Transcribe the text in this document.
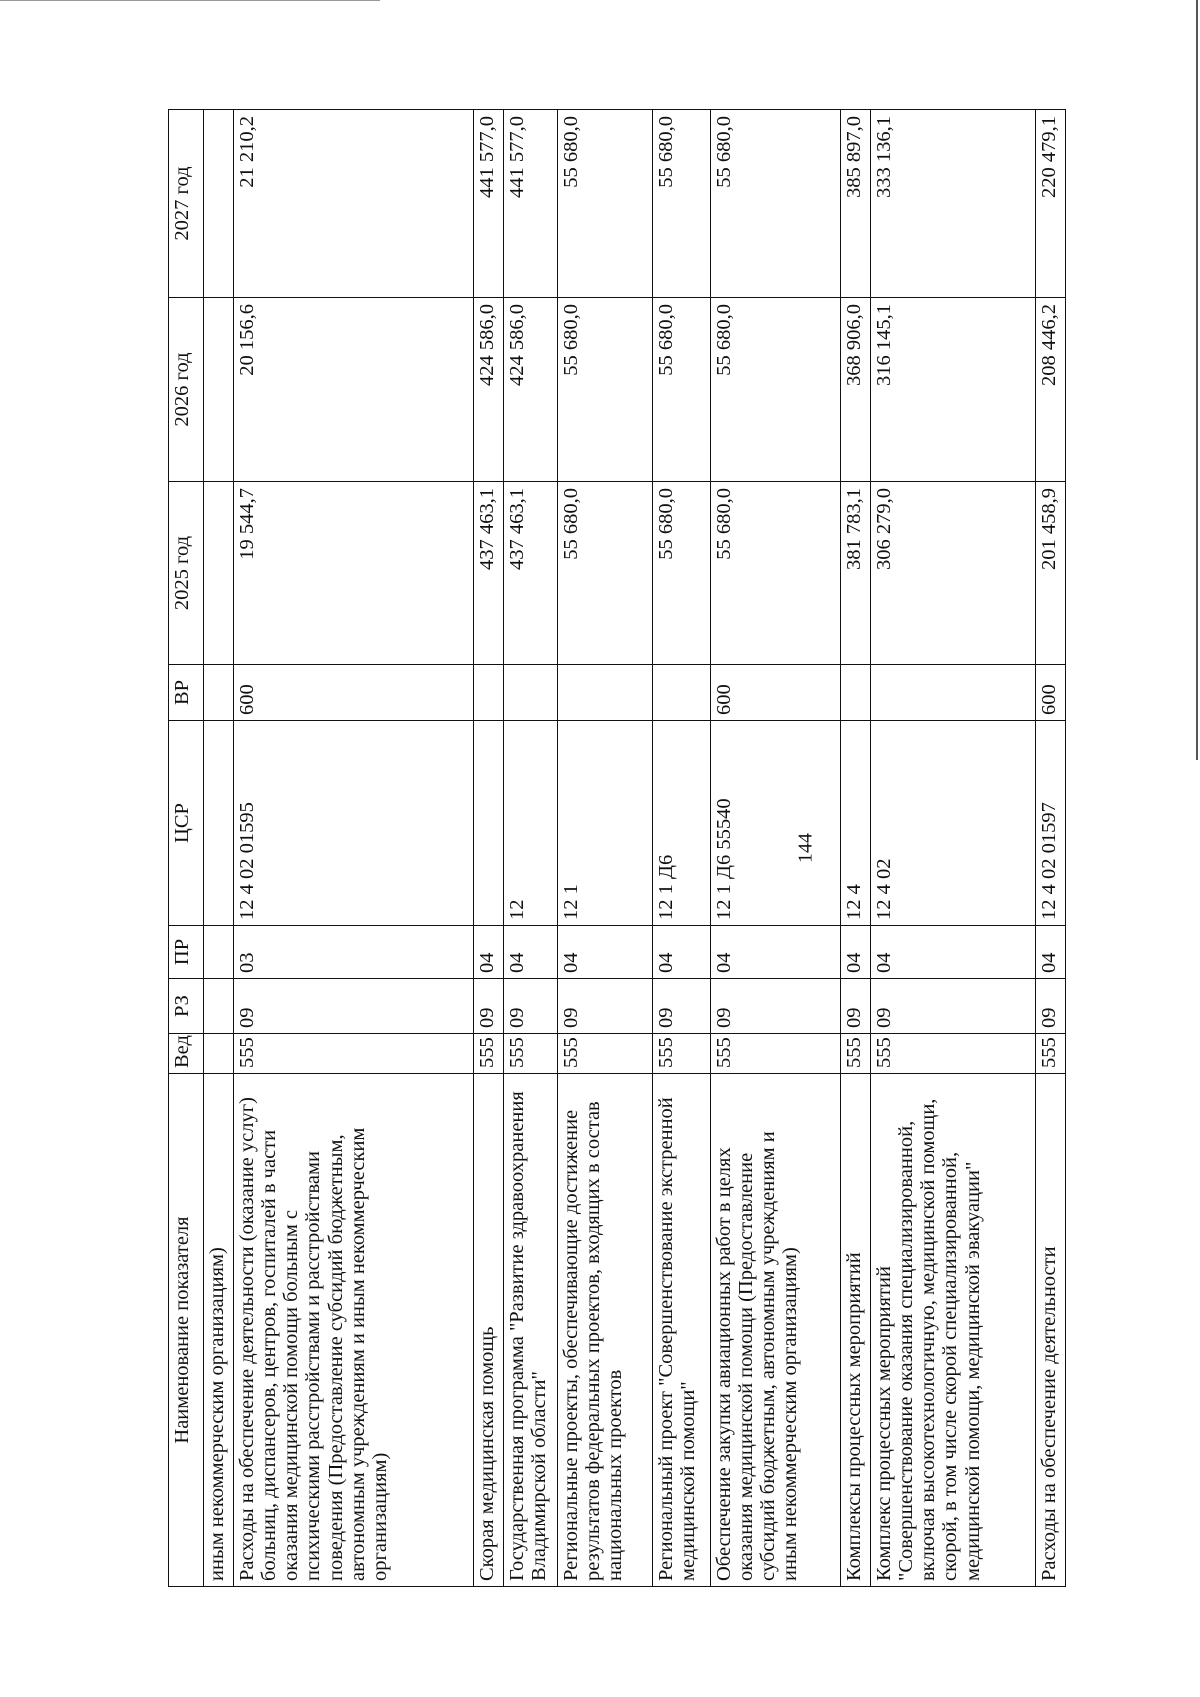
144
Наименование показателя	Вед	РЗ	ПР	ЦСР	ВР	2025 год	2026 год	2027 год
иным некоммерческим организациям)								
Расходы на обеспечение деятельности (оказание услуг) больниц, диспансеров, центров, госпиталей в части оказания медицинской помощи больным с психическими расстройствами и расстройствами поведения (Предоставление субсидий бюджетным, автономным учреждениям и иным некоммерческим организациям)	555	09	03	12 4 02 01595	600	19 544,7	20 156,6	21 210,2
Скорая медицинская помощь	555	09	04			437 463,1	424 586,0	441 577,0
Государственная программа "Развитие здравоохранения Владимирской области"	555	09	04	12		437 463,1	424 586,0	441 577,0
Региональные проекты, обеспечивающие достижение результатов федеральных проектов, входящих в состав национальных проектов	555	09	04	12 1		55 680,0	55 680,0	55 680,0
Региональный проект "Совершенствование экстренной медицинской помощи"	555	09	04	12 1 Д6		55 680,0	55 680,0	55 680,0
Обеспечение закупки авиационных работ в целях оказания медицинской помощи (Предоставление субсидий бюджетным, автономным учреждениям и иным некоммерческим организациям)	555	09	04	12 1 Д6 55540	600	55 680,0	55 680,0	55 680,0
Комплексы процессных мероприятий	555	09	04	12 4		381 783,1	368 906,0	385 897,0
Комплекс процессных мероприятий "Совершенствование оказания специализированной, включая высокотехнологичную, медицинской помощи, скорой, в том числе скорой специализированной, медицинской помощи, медицинской эвакуации"	555	09	04	12 4 02		306 279,0	316 145,1	333 136,1
Расходы на обеспечение деятельности	555	09	04	12 4 02 01597	600	201 458,9	208 446,2	220 479,1
